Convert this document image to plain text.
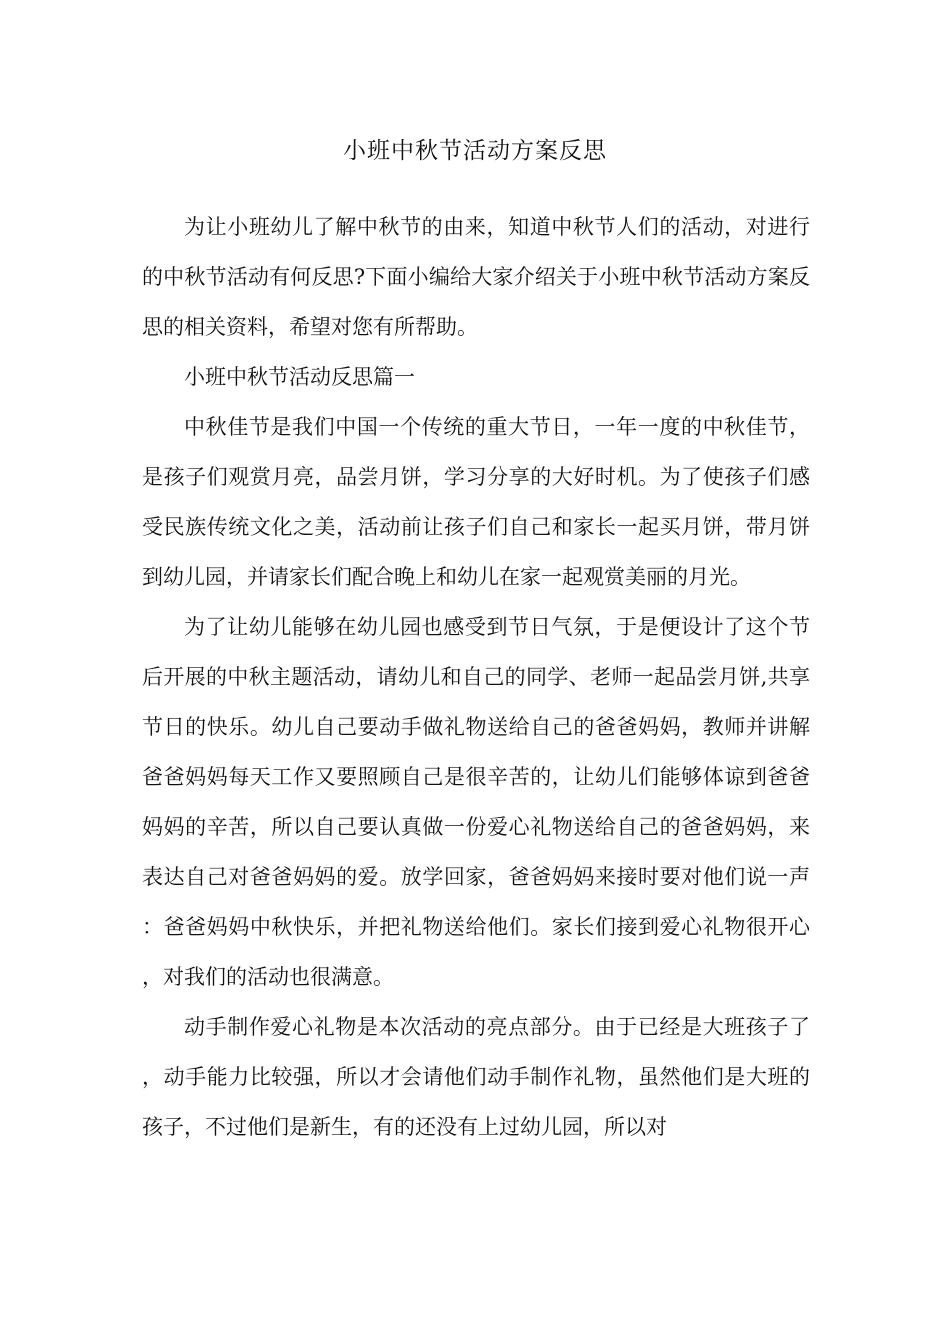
小班中秋节活动方案反思

为让小班幼儿了解中秋节的由来，知道中秋节人们的活动，对进行的中秋节活动有何反思?下面小编给大家介绍关于小班中秋节活动方案反思的相关资料，希望对您有所帮助。

小班中秋节活动反思篇一

中秋佳节是我们中国一个传统的重大节日，一年一度的中秋佳节，是孩子们观赏月亮，品尝月饼，学习分享的大好时机。为了使孩子们感受民族传统文化之美，活动前让孩子们自己和家长一起买月饼，带月饼到幼儿园，并请家长们配合晚上和幼儿在家一起观赏美丽的月光。

为了让幼儿能够在幼儿园也感受到节日气氛，于是便设计了这个节后开展的中秋主题活动，请幼儿和自己的同学、老师一起品尝月饼,共享节日的快乐。幼儿自己要动手做礼物送给自己的爸爸妈妈，教师并讲解爸爸妈妈每天工作又要照顾自己是很辛苦的，让幼儿们能够体谅到爸爸妈妈的辛苦，所以自己要认真做一份爱心礼物送给自己的爸爸妈妈，来表达自己对爸爸妈妈的爱。放学回家，爸爸妈妈来接时要对他们说一声：爸爸妈妈中秋快乐，并把礼物送给他们。家长们接到爱心礼物很开心，对我们的活动也很满意。

动手制作爱心礼物是本次活动的亮点部分。由于已经是大班孩子了，动手能力比较强，所以才会请他们动手制作礼物，虽然他们是大班的孩子，不过他们是新生，有的还没有上过幼儿园，所以对
